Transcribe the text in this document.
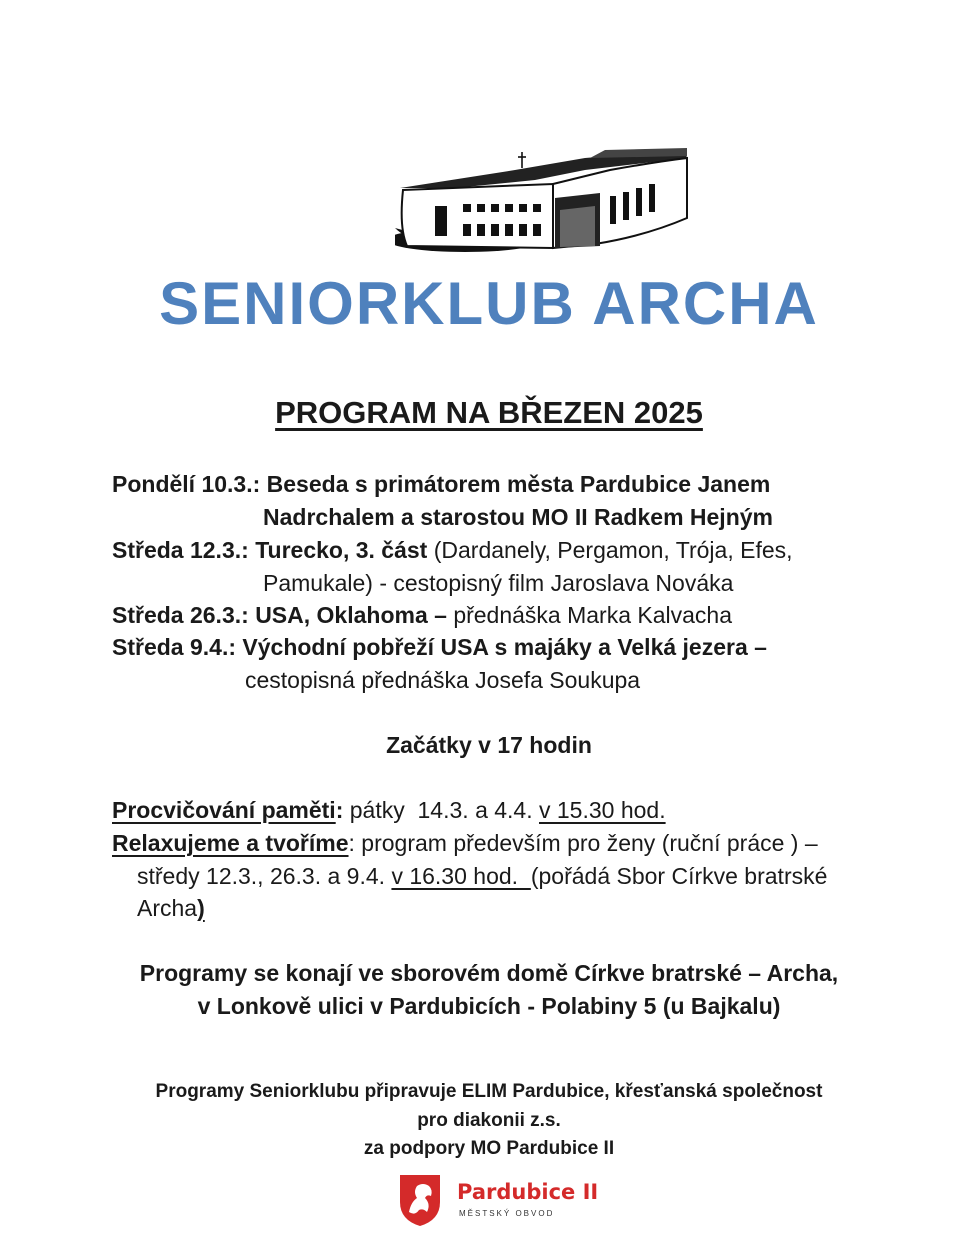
SENIORKLUB ARCHA
PROGRAM NA BŘEZEN 2025
Pondělí 10.3.: Beseda s primátorem města Pardubice Janem
Nadrchalem a starostou MO II Radkem Hejným
Středa 12.3.: Turecko, 3. část (Dardanely, Pergamon, Trója, Efes,
Pamukale) - cestopisný film Jaroslava Nováka
Středa 26.3.: USA, Oklahoma – přednáška Marka Kalvacha
Středa 9.4.: Východní pobřeží USA s majáky a Velká jezera –
cestopisná přednáška Josefa Soukupa
Začátky v 17 hodin
Procvičování paměti: pátky  14.3. a 4.4. v 15.30 hod.
Relaxujeme a tvoříme: program především pro ženy (ruční práce ) –
středy 12.3., 26.3. a 9.4. v 16.30 hod.  (pořádá Sbor Církve bratrské
Archa)
Programy se konají ve sborovém domě Církve bratrské – Archa,
v Lonkově ulici v Pardubicích - Polabiny 5 (u Bajkalu)
Programy Seniorklubu připravuje ELIM Pardubice, křesťanská společnost
pro diakonii z.s.
za podpory MO Pardubice II
Pardubice II
MĚSTSKÝ OBVOD
